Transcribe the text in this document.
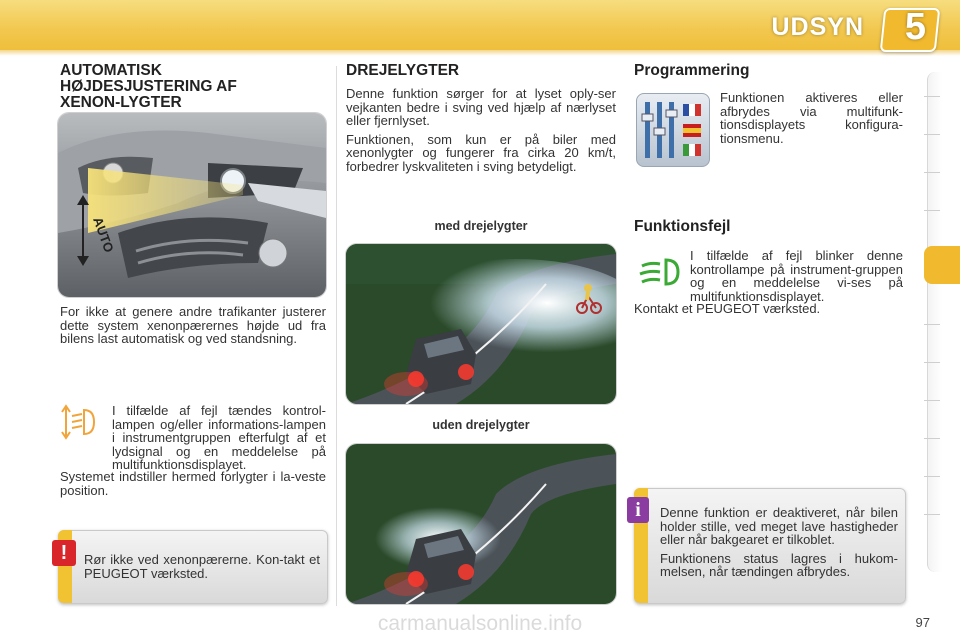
UDSYN 5
AUTOMATISK HØJDESJUSTERING AF XENON-LYGTER
AUTO

For ikke at genere andre trafikanter justerer dette system xenonpærernes højde ud fra bilens last automatisk og ved standsning.

I tilfælde af fejl tændes kontrol-lampen og/eller informations-lampen i instrumentgruppen efterfulgt af et lydsignal og en meddelelse på multifunktionsdisplayet.

Systemet indstiller hermed forlygter i la-veste position.

!	Rør ikke ved xenonpærerne. Kon-takt et PEUGEOT værksted.

DREJELYGTER

Denne funktion sørger for at lyset oply-ser vejkanten bedre i sving ved hjælp af nærlyset eller fjernlyset.

Funktionen, som kun er på biler med xenonlygter og fungerer fra cirka 20 km/t, forbedrer lyskvaliteten i sving betydeligt.

med drejelygter
uden drejelygter
Programmering

Funktionen aktiveres eller afbrydes via multifunk-tionsdisplayets konfigura-tionsmenu.

Funktionsfejl

I tilfælde af fejl blinker denne kontrollampe på instrument-gruppen og en meddelelse vi-ses på multifunktionsdisplayet.

Kontakt et PEUGEOT værksted.

i	Denne funktion er deaktiveret, når bilen holder stille, ved meget lave hastigheder eller når bakgearet er tilkoblet.

Funktionens status lagres i hukom-melsen, når tændingen afbrydes.

97
carmanualsonline.info
